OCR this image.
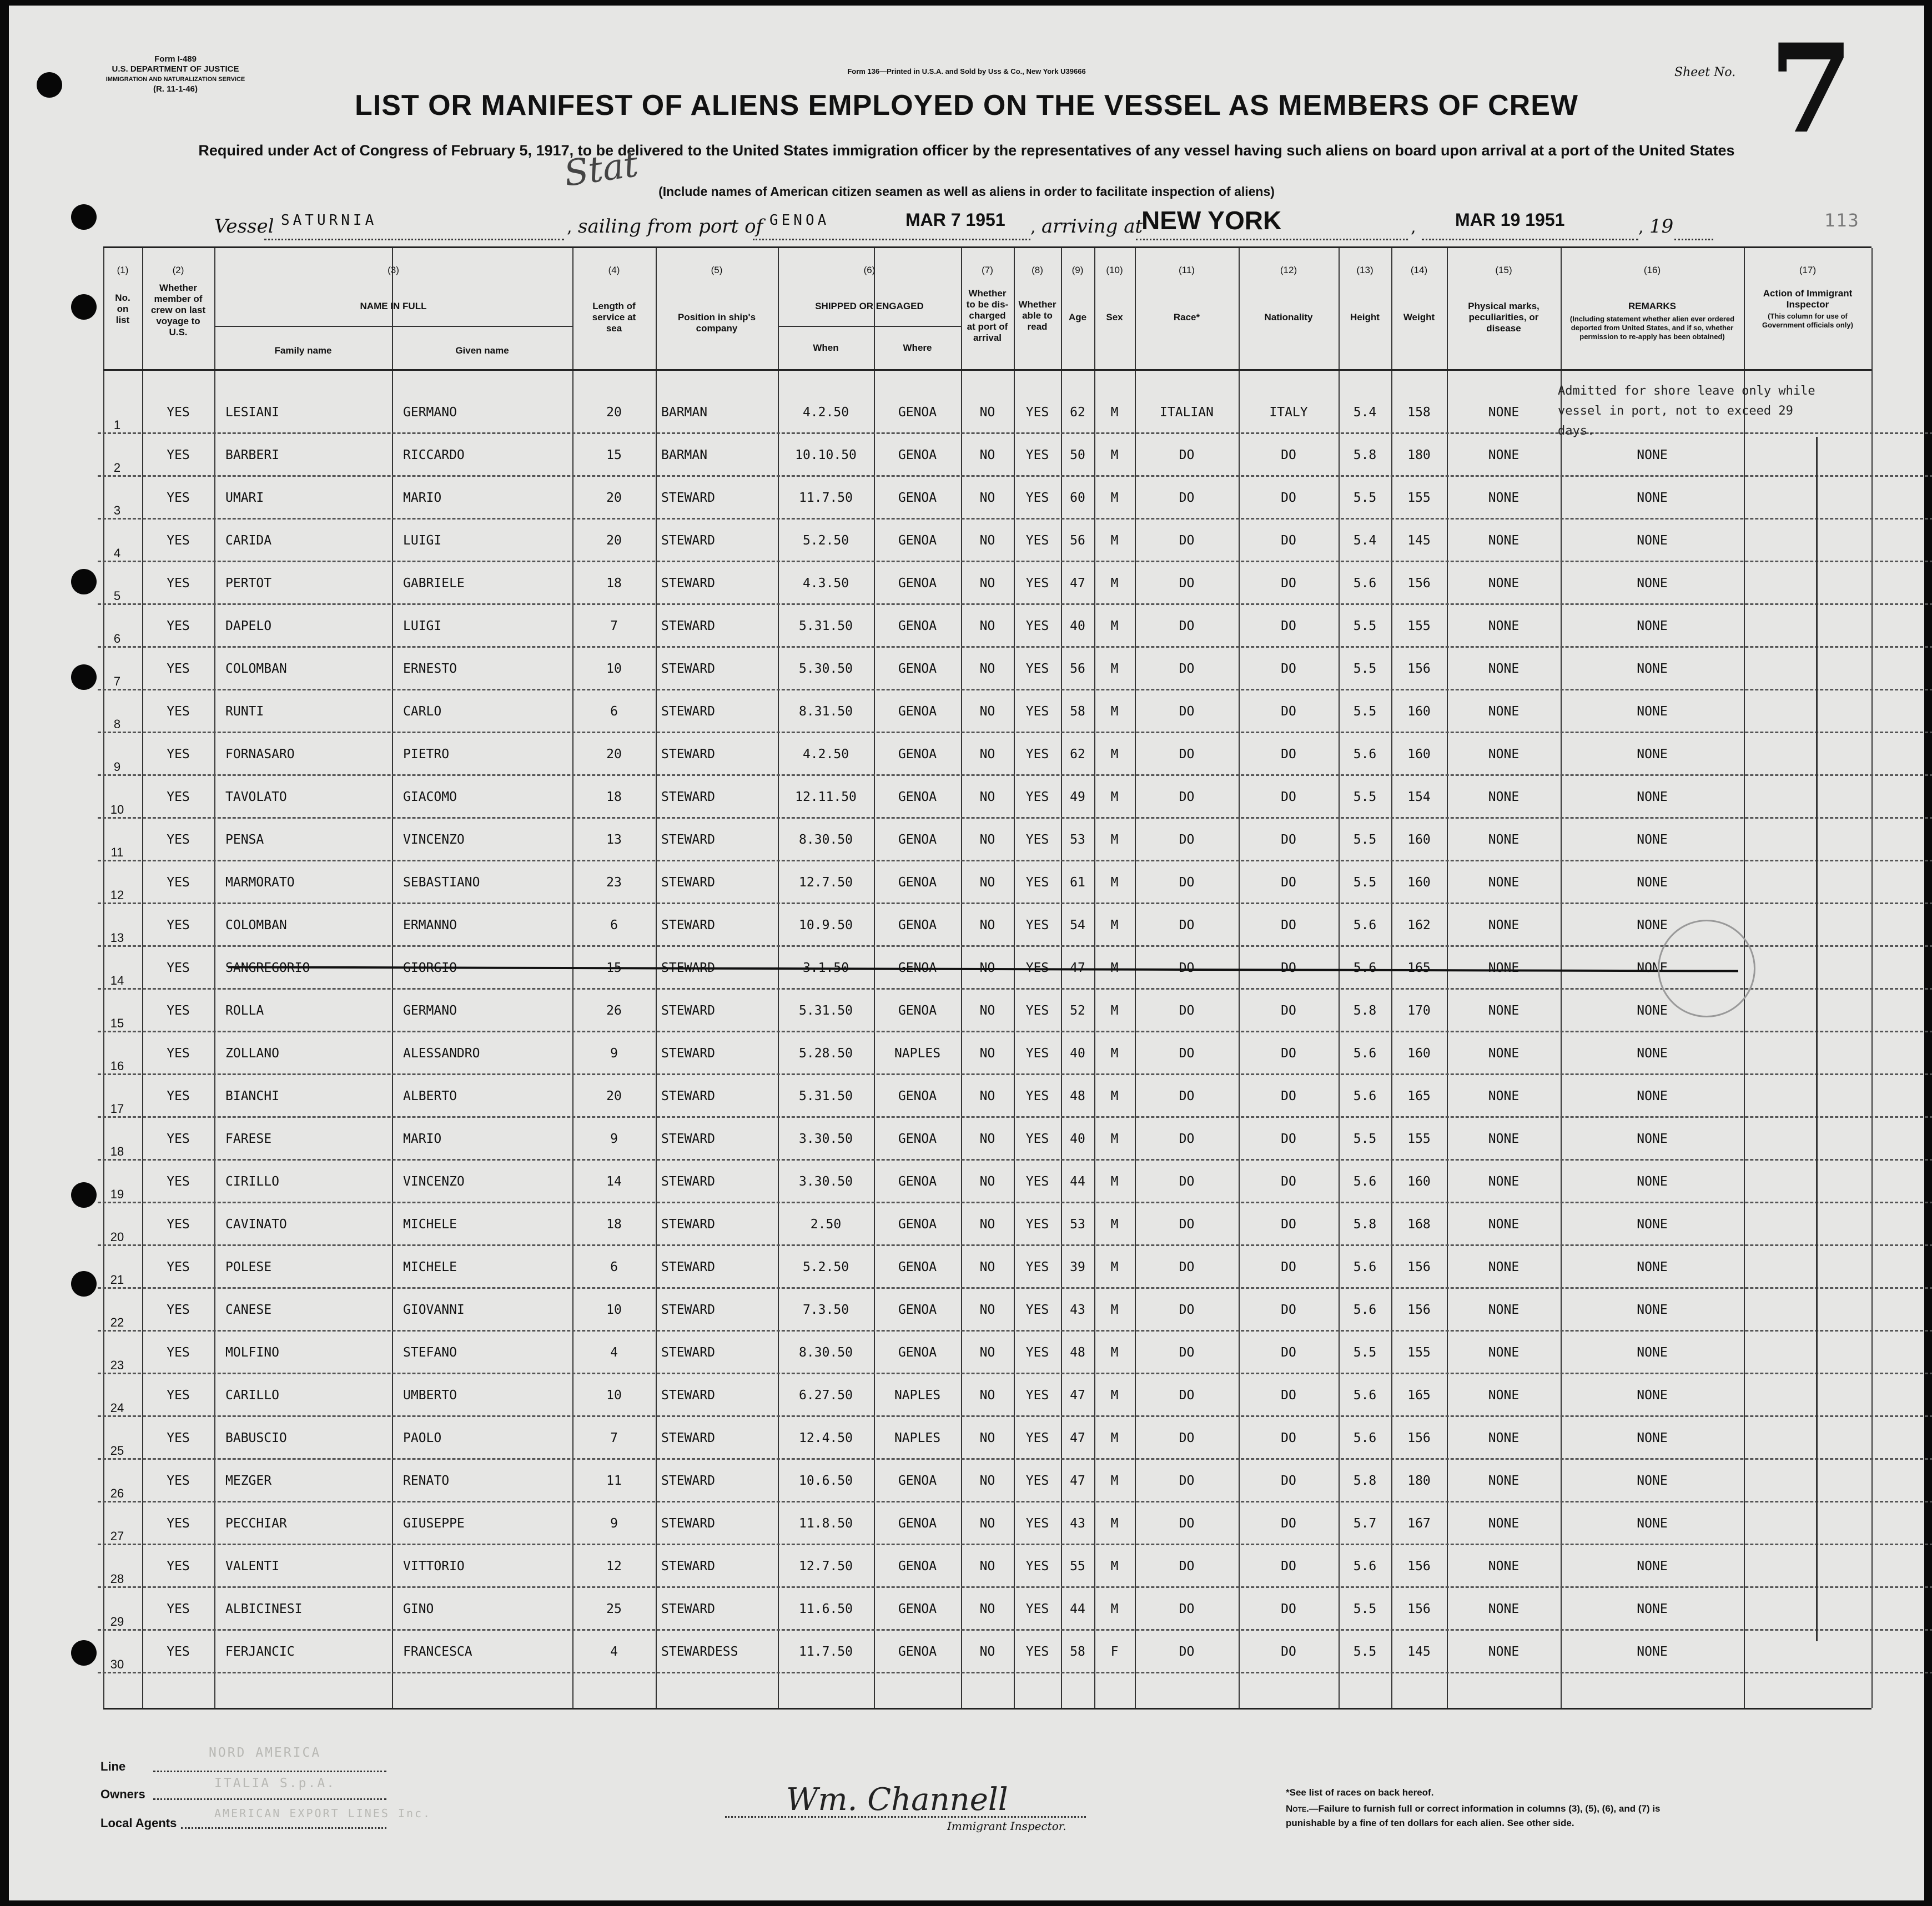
Form I-489
U.S. DEPARTMENT OF JUSTICE
IMMIGRATION AND NATURALIZATION SERVICE
(R. 11-1-46)
Form 136—Printed in U.S.A. and Sold by Uss & Co., New York U39666	Sheet No. 7
LIST OR MANIFEST OF ALIENS EMPLOYED ON THE VESSEL AS MEMBERS OF CREW
Required under Act of Congress of February 5, 1917, to be delivered to the United States immigration officer by the representatives of any vessel having such aliens on board upon arrival at a port of the United States
(Include names of American citizen seamen as well as aliens in order to facilitate inspection of aliens)
Stat
Vessel SATURNIA	, sailing from port of GENOA	MAR 7 1951 , arriving at
NEW YORK	, MAR 19 1951	, 19	113
(1)	(2)	(3)	(4)	(5)	(6)	(7)	(8)	(9)	(10)	(11)	(12)	(13)	(14)	(15)	(16)	(17)
No. on list
Whether member of crew on last voyage to U.S.
NAME IN FULL
Family name	Given name
Length of service at sea
Position in ship's company
SHIPPED OR ENGAGED
When	Where
Whether to be dis-charged at port of arrival
Whether able to read
Age	Sex	Race*	Nationality	Height	Weight
Physical marks, peculiarities, or disease
REMARKS
(Including statement whether alien ever ordered deported from United States, and if so, whether permission to re-apply has been obtained)
Action of Immigrant Inspector
(This column for use of Government officials only)
1
YES	LESIANI	GERMANO	20	BARMAN	4.2.50	GENOA	NO	YES	62	M	ITALIAN	ITALY	5.4	158	NONE
2
YES	BARBERI	RICCARDO	15	BARMAN	10.10.50	GENOA	NO	YES	50	M	DO	DO	5.8	180	NONE	NONE
3
YES	UMARI	MARIO	20	STEWARD	11.7.50	GENOA	NO	YES	60	M	DO	DO	5.5	155	NONE	NONE
4
YES	CARIDA	LUIGI	20	STEWARD	5.2.50	GENOA	NO	YES	56	M	DO	DO	5.4	145	NONE	NONE
5
YES	PERTOT	GABRIELE	18	STEWARD	4.3.50	GENOA	NO	YES	47	M	DO	DO	5.6	156	NONE	NONE
6
YES	DAPELO	LUIGI	7	STEWARD	5.31.50	GENOA	NO	YES	40	M	DO	DO	5.5	155	NONE	NONE
7
YES	COLOMBAN	ERNESTO	10	STEWARD	5.30.50	GENOA	NO	YES	56	M	DO	DO	5.5	156	NONE	NONE
8
YES	RUNTI	CARLO	6	STEWARD	8.31.50	GENOA	NO	YES	58	M	DO	DO	5.5	160	NONE	NONE
9
YES	FORNASARO	PIETRO	20	STEWARD	4.2.50	GENOA	NO	YES	62	M	DO	DO	5.6	160	NONE	NONE
10
YES	TAVOLATO	GIACOMO	18	STEWARD	12.11.50	GENOA	NO	YES	49	M	DO	DO	5.5	154	NONE	NONE
11
YES	PENSA	VINCENZO	13	STEWARD	8.30.50	GENOA	NO	YES	53	M	DO	DO	5.5	160	NONE	NONE
12
YES	MARMORATO	SEBASTIANO	23	STEWARD	12.7.50	GENOA	NO	YES	61	M	DO	DO	5.5	160	NONE	NONE
13
YES	COLOMBAN	ERMANNO	6	STEWARD	10.9.50	GENOA	NO	YES	54	M	DO	DO	5.6	162	NONE	NONE
14
YES	SANGREGORIO	GIORGIO	15	STEWARD	3.1.50	GENOA	NO	YES	47	M	DO	DO	5.6	165	NONE	NONE
15
YES	ROLLA	GERMANO	26	STEWARD	5.31.50	GENOA	NO	YES	52	M	DO	DO	5.8	170	NONE	NONE
16
YES	ZOLLANO	ALESSANDRO	9	STEWARD	5.28.50	NAPLES	NO	YES	40	M	DO	DO	5.6	160	NONE	NONE
17
YES	BIANCHI	ALBERTO	20	STEWARD	5.31.50	GENOA	NO	YES	48	M	DO	DO	5.6	165	NONE	NONE
18
YES	FARESE	MARIO	9	STEWARD	3.30.50	GENOA	NO	YES	40	M	DO	DO	5.5	155	NONE	NONE
19
YES	CIRILLO	VINCENZO	14	STEWARD	3.30.50	GENOA	NO	YES	44	M	DO	DO	5.6	160	NONE	NONE
20
YES	CAVINATO	MICHELE	18	STEWARD	2.50	GENOA	NO	YES	53	M	DO	DO	5.8	168	NONE	NONE
21
YES	POLESE	MICHELE	6	STEWARD	5.2.50	GENOA	NO	YES	39	M	DO	DO	5.6	156	NONE	NONE
22
YES	CANESE	GIOVANNI	10	STEWARD	7.3.50	GENOA	NO	YES	43	M	DO	DO	5.6	156	NONE	NONE
23
YES	MOLFINO	STEFANO	4	STEWARD	8.30.50	GENOA	NO	YES	48	M	DO	DO	5.5	155	NONE	NONE
24
YES	CARILLO	UMBERTO	10	STEWARD	6.27.50	NAPLES	NO	YES	47	M	DO	DO	5.6	165	NONE	NONE
25
YES	BABUSCIO	PAOLO	7	STEWARD	12.4.50	NAPLES	NO	YES	47	M	DO	DO	5.6	156	NONE	NONE
26
YES	MEZGER	RENATO	11	STEWARD	10.6.50	GENOA	NO	YES	47	M	DO	DO	5.8	180	NONE	NONE
27
YES	PECCHIAR	GIUSEPPE	9	STEWARD	11.8.50	GENOA	NO	YES	43	M	DO	DO	5.7	167	NONE	NONE
28
YES	VALENTI	VITTORIO	12	STEWARD	12.7.50	GENOA	NO	YES	55	M	DO	DO	5.6	156	NONE	NONE
29
YES	ALBICINESI	GINO	25	STEWARD	11.6.50	GENOA	NO	YES	44	M	DO	DO	5.5	156	NONE	NONE
30
YES	FERJANCIC	FRANCESCA	4	STEWARDESS	11.7.50	GENOA	NO	YES	58	F	DO	DO	5.5	145	NONE	NONE
Admitted for shore leave only while vessel in port, not to exceed 29 days.
Line
NORD AMERICA
Owners
ITALIA S.p.A.
Local Agents
AMERICAN EXPORT LINES Inc.	Wm. Channell
Immigrant Inspector.
*See list of races on back hereof.
Note.—Failure to furnish full or correct information in columns (3), (5), (6), and (7) is punishable by a fine of ten dollars for each alien. See other side.
